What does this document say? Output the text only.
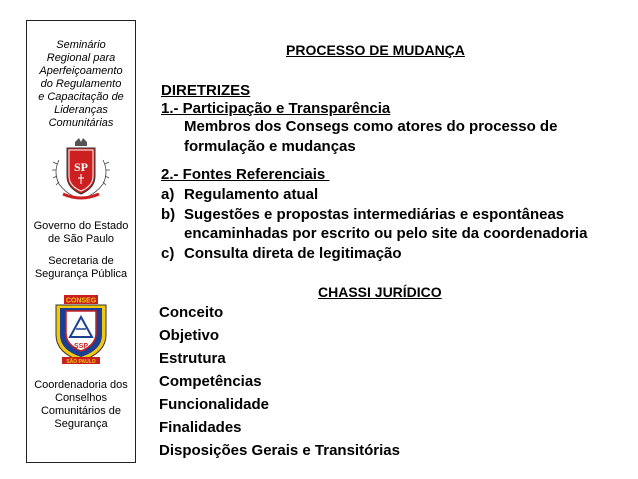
Seminário
Regional para
Aperfeiçoamento
do Regulamento
e Capacitação de
Lideranças
Comunitárias
SP
Governo do Estado
de São Paulo
Secretaria de
Segurança Pública
CONSEG
SSP
SÃO PAULO
Coordenadoria dos
Conselhos
Comunitários de
Segurança
PROCESSO DE MUDANÇA
DIRETRIZES
1.- Participação e Transparência
Membros dos Consegs como atores do processo de
formulação e mudanças
2.- Fontes Referenciais
a) Regulamento atual
b) Sugestões e propostas intermediárias e espontâneas
encaminhadas por escrito ou pelo site da coordenadoria
c) Consulta direta de legitimação
CHASSI JURÍDICO
Conceito
Objetivo
Estrutura
Competências
Funcionalidade
Finalidades
Disposições Gerais e Transitórias
